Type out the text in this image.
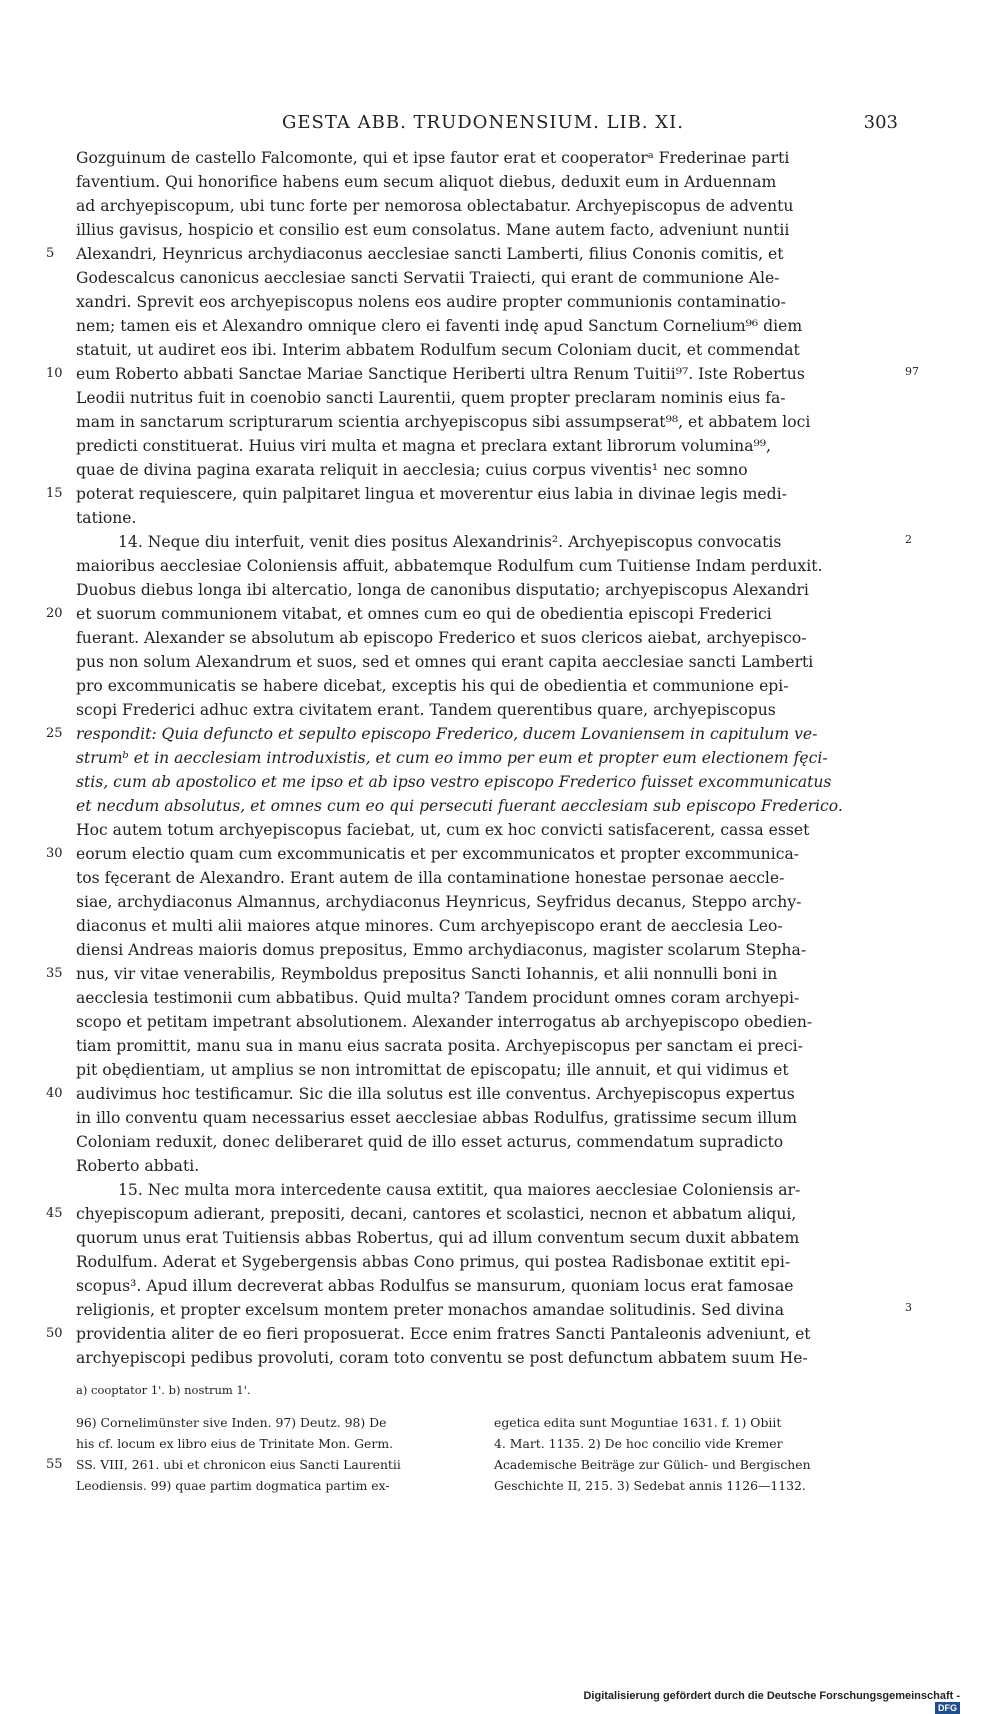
GESTA ABB. TRUDONENSIUM. LIB. XI.	303
Gozguinum de castello Falcomonte, qui et ipse fautor erat et cooperatorᵃ Frederinae parti
faventium. Qui honorifice habens eum secum aliquot diebus, deduxit eum in Arduennam
ad archyepiscopum, ubi tunc forte per nemorosa oblectabatur. Archyepiscopus de adventu
illius gavisus, hospicio et consilio est eum consolatus. Mane autem facto, adveniunt nuntii
Alexandri, Heynricus archydiaconus aecclesiae sancti Lamberti, filius Cononis comitis, et
Godescalcus canonicus aecclesiae sancti Servatii Traiecti, qui erant de communione Ale-
xandri. Sprevit eos archyepiscopus nolens eos audire propter communionis contaminatio-
nem; tamen eis et Alexandro omnique clero ei faventi indę apud Sanctum Cornelium⁹⁶ diem
statuit, ut audiret eos ibi. Interim abbatem Rodulfum secum Coloniam ducit, et commendat
eum Roberto abbati Sanctae Mariae Sanctique Heriberti ultra Renum Tuitii⁹⁷. Iste Robertus
Leodii nutritus fuit in coenobio sancti Laurentii, quem propter preclaram nominis eius fa-
mam in sanctarum scripturarum scientia archyepiscopus sibi assumpserat⁹⁸, et abbatem loci
predicti constituerat. Huius viri multa et magna et preclara extant librorum volumina⁹⁹,
quae de divina pagina exarata reliquit in aecclesia; cuius corpus viventis¹ nec somno
poterat requiescere, quin palpitaret lingua et moverentur eius labia in divinae legis medi-
tatione.
14. Neque diu interfuit, venit dies positus Alexandrinis². Archyepiscopus convocatis
maioribus aecclesiae Coloniensis affuit, abbatemque Rodulfum cum Tuitiense Indam perduxit.
Duobus diebus longa ibi altercatio, longa de canonibus disputatio; archyepiscopus Alexandri
et suorum communionem vitabat, et omnes cum eo qui de obedientia episcopi Frederici
fuerant. Alexander se absolutum ab episcopo Frederico et suos clericos aiebat, archyepisco-
pus non solum Alexandrum et suos, sed et omnes qui erant capita aecclesiae sancti Lamberti
pro excommunicatis se habere dicebat, exceptis his qui de obedientia et communione epi-
scopi Frederici adhuc extra civitatem erant. Tandem querentibus quare, archyepiscopus
respondit: Quia defuncto et sepulto episcopo Frederico, ducem Lovaniensem in capitulum ve-
strumᵇ et in aecclesiam introduxistis, et cum eo immo per eum et propter eum electionem fęci-
stis, cum ab apostolico et me ipso et ab ipso vestro episcopo Frederico fuisset excommunicatus
et necdum absolutus, et omnes cum eo qui persecuti fuerant aecclesiam sub episcopo Frederico.
Hoc autem totum archyepiscopus faciebat, ut, cum ex hoc convicti satisfacerent, cassa esset
eorum electio quam cum excommunicatis et per excommunicatos et propter excommunica-
tos fęcerant de Alexandro. Erant autem de illa contaminatione honestae personae aeccle-
siae, archydiaconus Almannus, archydiaconus Heynricus, Seyfridus decanus, Steppo archy-
diaconus et multi alii maiores atque minores. Cum archyepiscopo erant de aecclesia Leo-
diensi Andreas maioris domus prepositus, Emmo archydiaconus, magister scolarum Stepha-
nus, vir vitae venerabilis, Reymboldus prepositus Sancti Iohannis, et alii nonnulli boni in
aecclesia testimonii cum abbatibus. Quid multa? Tandem procidunt omnes coram archyepi-
scopo et petitam impetrant absolutionem. Alexander interrogatus ab archyepiscopo obedien-
tiam promittit, manu sua in manu eius sacrata posita. Archyepiscopus per sanctam ei preci-
pit obędientiam, ut amplius se non intromittat de episcopatu; ille annuit, et qui vidimus et
audivimus hoc testificamur. Sic die illa solutus est ille conventus. Archyepiscopus expertus
in illo conventu quam necessarius esset aecclesiae abbas Rodulfus, gratissime secum illum
Coloniam reduxit, donec deliberaret quid de illo esset acturus, commendatum supradicto
Roberto abbati.
15. Nec multa mora intercedente causa extitit, qua maiores aecclesiae Coloniensis ar-
chyepiscopum adierant, prepositi, decani, cantores et scolastici, necnon et abbatum aliqui,
quorum unus erat Tuitiensis abbas Robertus, qui ad illum conventum secum duxit abbatem
Rodulfum. Aderat et Sygebergensis abbas Cono primus, qui postea Radisbonae extitit epi-
scopus³. Apud illum decreverat abbas Rodulfus se mansurum, quoniam locus erat famosae
religionis, et propter excelsum montem preter monachos amandae solitudinis. Sed divina
providentia aliter de eo fieri proposuerat. Ecce enim fratres Sancti Pantaleonis adveniunt, et
archyepiscopi pedibus provoluti, coram toto conventu se post defunctum abbatem suum He-
5
10
15
20
25
30
35
40
45
50
97
2
3
a) cooptator 1'. b) nostrum 1'.
96) Cornelimünster sive Inden. 97) Deutz. 98) De
his cf. locum ex libro eius de Trinitate Mon. Germ.
SS. VIII, 261. ubi et chronicon eius Sancti Laurentii
Leodiensis. 99) quae partim dogmatica partim ex-
egetica edita sunt Moguntiae 1631. f. 1) Obiit
4. Mart. 1135. 2) De hoc concilio vide Kremer
Academische Beiträge zur Gülich- und Bergischen
Geschichte II, 215. 3) Sedebat annis 1126—1132.
55
Digitalisierung gefördert durch die Deutsche Forschungsgemeinschaft -DFG
